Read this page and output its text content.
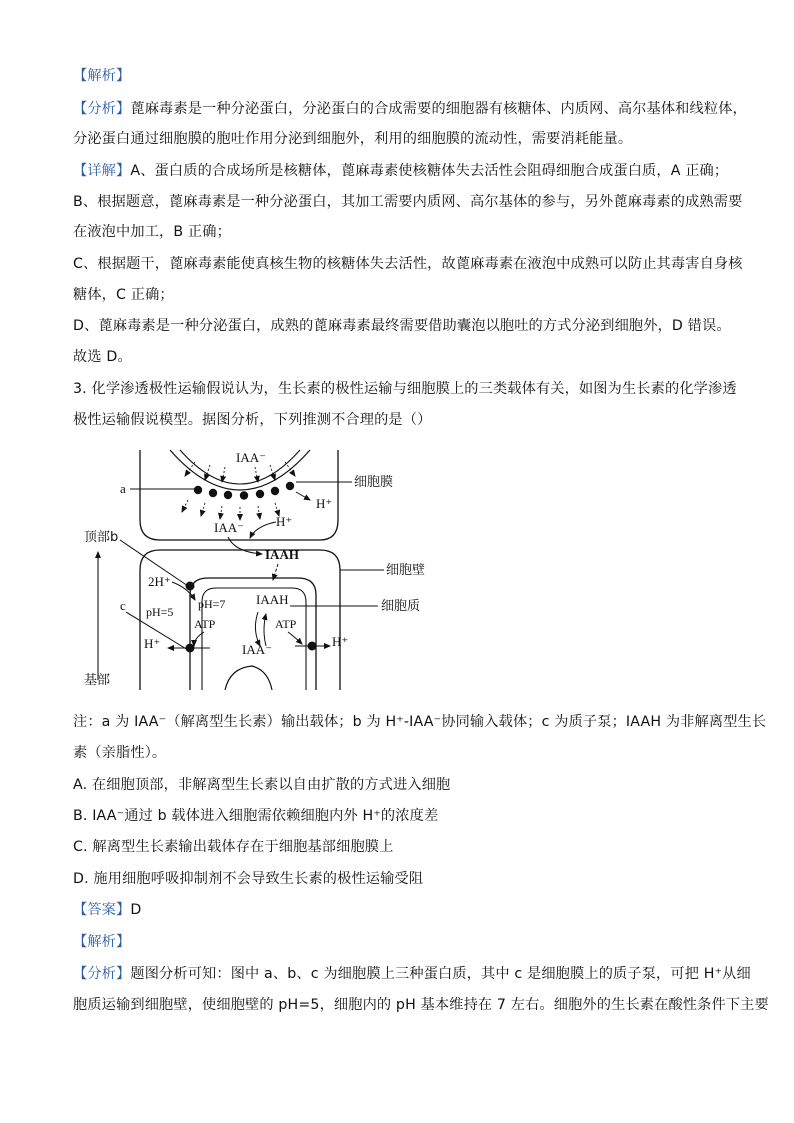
【解析】
【分析】蓖麻毒素是一种分泌蛋白，分泌蛋白的合成需要的细胞器有核糖体、内质网、高尔基体和线粒体，
分泌蛋白通过细胞膜的胞吐作用分泌到细胞外，利用的细胞膜的流动性，需要消耗能量。
【详解】A、蛋白质的合成场所是核糖体，蓖麻毒素使核糖体失去活性会阻碍细胞合成蛋白质，A 正确；
B、根据题意，蓖麻毒素是一种分泌蛋白，其加工需要内质网、高尔基体的参与，另外蓖麻毒素的成熟需要
在液泡中加工，B 正确；
C、根据题干，蓖麻毒素能使真核生物的核糖体失去活性，故蓖麻毒素在液泡中成熟可以防止其毒害自身核
糖体，C 正确；
D、蓖麻毒素是一种分泌蛋白，成熟的蓖麻毒素最终需要借助囊泡以胞吐的方式分泌到细胞外，D 错误。
故选 D。
3. 化学渗透极性运输假说认为，生长素的极性运输与细胞膜上的三类载体有关，如图为生长素的化学渗透
极性运输假说模型。据图分析，下列推测不合理的是（）
IAA⁻
a	细胞膜
H⁺
IAA⁻ H⁺
IAAH
顶部b
细胞壁
2H⁺
pH=7 IAAH	细胞质
c pH=5
ATP
H⁺
ATP
H⁺
IAA⁻
基部
注：a 为 IAA⁻（解离型生长素）输出载体；b 为 H⁺-IAA⁻协同输入载体；c 为质子泵；IAAH 为非解离型生长
素（亲脂性）。
A. 在细胞顶部，非解离型生长素以自由扩散的方式进入细胞
B. IAA⁻通过 b 载体进入细胞需依赖细胞内外 H⁺的浓度差
C. 解离型生长素输出载体存在于细胞基部细胞膜上
D. 施用细胞呼吸抑制剂不会导致生长素的极性运输受阻
【答案】D
【解析】
【分析】题图分析可知：图中 a、b、c 为细胞膜上三种蛋白质，其中 c 是细胞膜上的质子泵，可把 H⁺从细
胞质运输到细胞壁，使细胞壁的 pH=5，细胞内的 pH 基本维持在 7 左右。细胞外的生长素在酸性条件下主要
